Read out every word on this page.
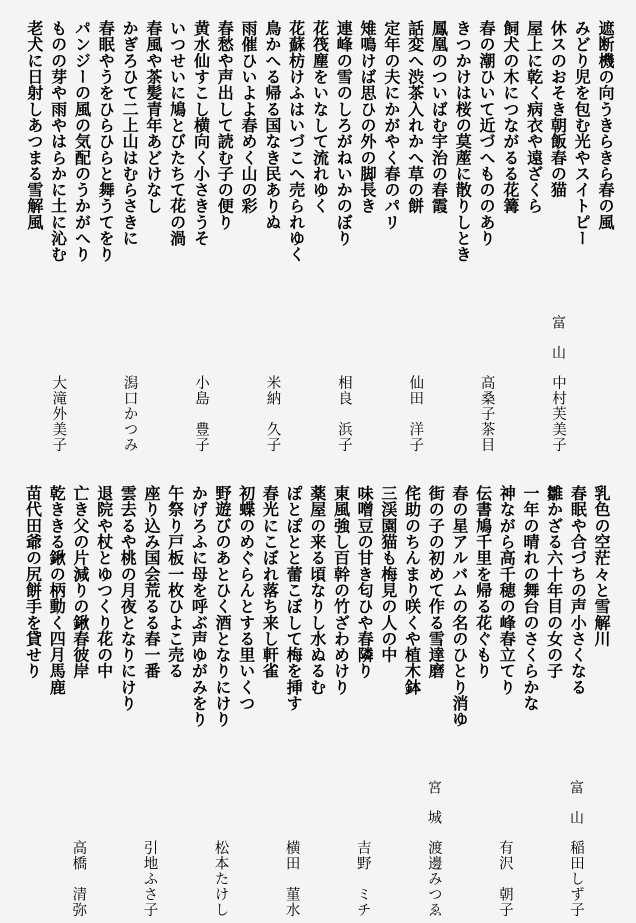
遮断機の向うきらきら春の風
みどり児を包む光やスイトピー
休スのおそき朝飯春の猫
屋上に乾く病衣や遠ざくら
飼犬の木につながるる花篝
春の潮ひいて近づへもののあり
きつかけは桜の莫蓙に散りしとき
鳳凰のついばむ宇治の春霞
話変へ渋茶入れかへ草の餅
定年の夫にかがやく春のパリ
雉鳴けば思ひの外の脚長き
連峰の雪のしろがねいかのぼり
花筏塵をいなして流れゆく
花蘇枋けふはいづこへ売られゆく
鳥かへる帰る国なき民ありぬ
雨催ひいよよ春めく山の彩
春愁や声出して読む子の便り
黄水仙すこし横向く小さきうそ
いつせいに鳩とびたちて花の渦
春風や茶髪青年あどけなし
かぎろひて二上山はむらさきに
春眠やうをひらひらと舞うてをり
パンジーの風の気配のうかがへり
ものの芽や雨やはらかに土に沁む
老犬に日射しあつまる雪解風
富山
中村芙美子
高桑子茶目
仙田　洋子
相良　浜子
米納　久子
小島　豊子
潟口かつみ
大滝外美子
乳色の空茫々と雪解川
春眠や合づちの声小さくなる
雛かざる六十年目の女の子
一年の晴れの舞台のさくらかな
神ながら高千穂の峰春立てり
伝書鳩千里を帰る花ぐもり
春の星アルバムの名のひとり消ゆ
街の子の初めて作る雪達磨
侘助のちんまり咲くや植木鉢
三渓園猫も梅見の人の中
味噌豆の甘き匂ひや春隣り
東風強し百幹の竹ざわめけり
薬屋の来る頃なりし水ぬるむ
ぽとぽとと蕾こぼして梅を挿す
春光にこぼれ落ち来し軒雀
初蝶のめぐらんとする里いくつ
野遊びのあとひく酒となりにけり
かげろふに母を呼ぶ声ゆがみをり
午祭り戸板一枚ひよこ売る
座り込み国会荒るる春一番
雲去るや桃の月夜となりにけり
退院や杖とゆつくり花の中
亡き父の片減りの鍬春彼岸
乾ききる鍬の柄動く四月馬鹿
苗代田爺の尻餅手を貸せり
富山
稲田しず子
有沢　朝子
宮城
渡邊みつゑ
吉野　ミチ
横田　菫水
松本たけし
引地ふさ子
高橋　清弥
